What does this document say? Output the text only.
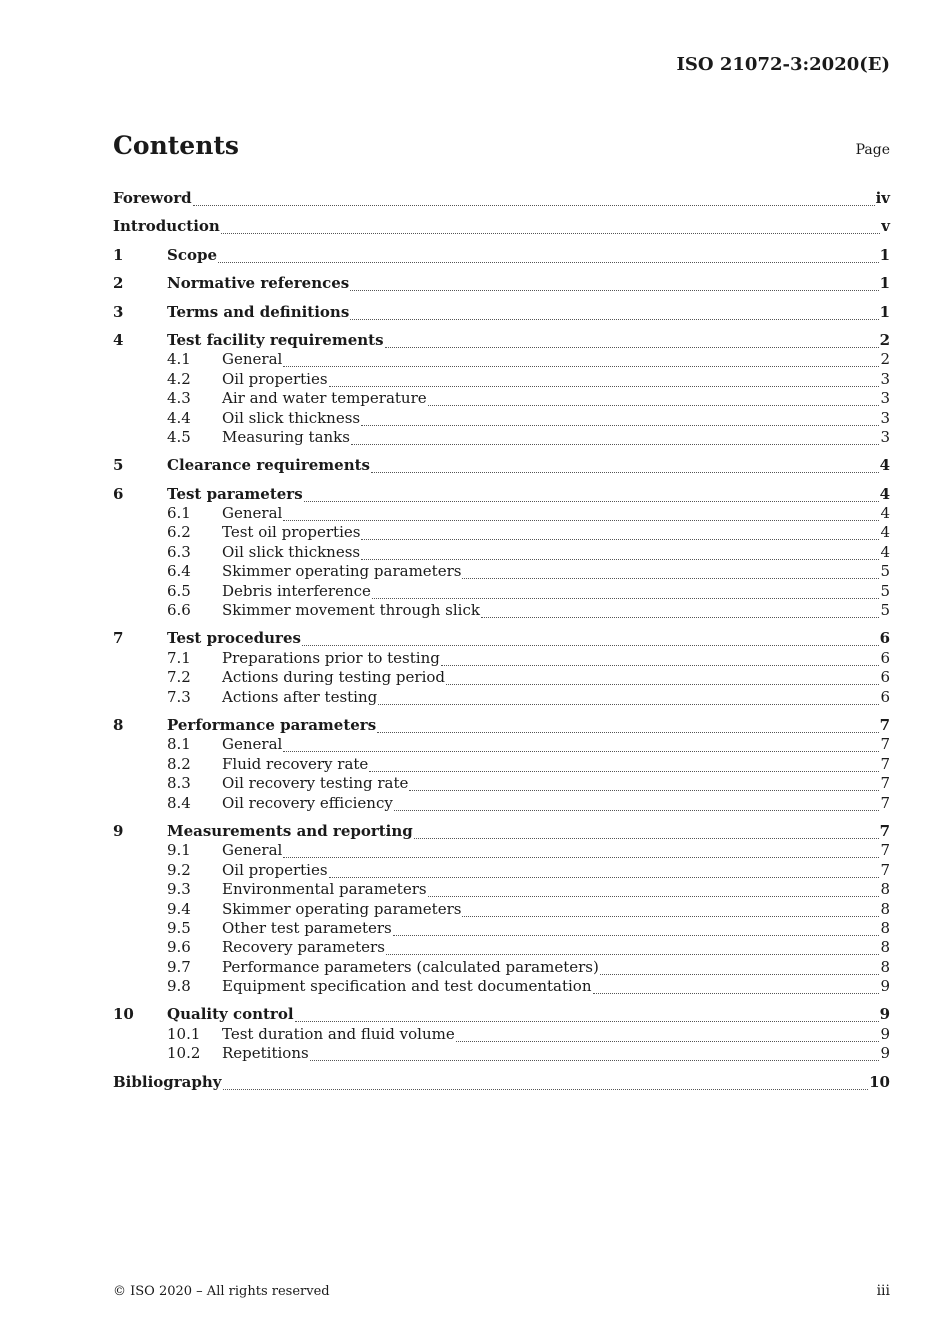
ISO 21072-3:2020(E)
Contents	Page
Foreword	iv
Introduction	v
1	Scope	1
2	Normative references	1
3	Terms and definitions	1
4	Test facility requirements	2
4.1	General	2
4.2	Oil properties	3
4.3	Air and water temperature	3
4.4	Oil slick thickness	3
4.5	Measuring tanks	3
5	Clearance requirements	4
6	Test parameters	4
6.1	General	4
6.2	Test oil properties	4
6.3	Oil slick thickness	4
6.4	Skimmer operating parameters	5
6.5	Debris interference	5
6.6	Skimmer movement through slick	5
7	Test procedures	6
7.1	Preparations prior to testing	6
7.2	Actions during testing period	6
7.3	Actions after testing	6
8	Performance parameters	7
8.1	General	7
8.2	Fluid recovery rate	7
8.3	Oil recovery testing rate	7
8.4	Oil recovery efficiency	7
9	Measurements and reporting	7
9.1	General	7
9.2	Oil properties	7
9.3	Environmental parameters	8
9.4	Skimmer operating parameters	8
9.5	Other test parameters	8
9.6	Recovery parameters	8
9.7	Performance parameters (calculated parameters)	8
9.8	Equipment specification and test documentation	9
10	Quality control	9
10.1	Test duration and fluid volume	9
10.2	Repetitions	9
Bibliography	10
© ISO 2020 – All rights reserved	iii
